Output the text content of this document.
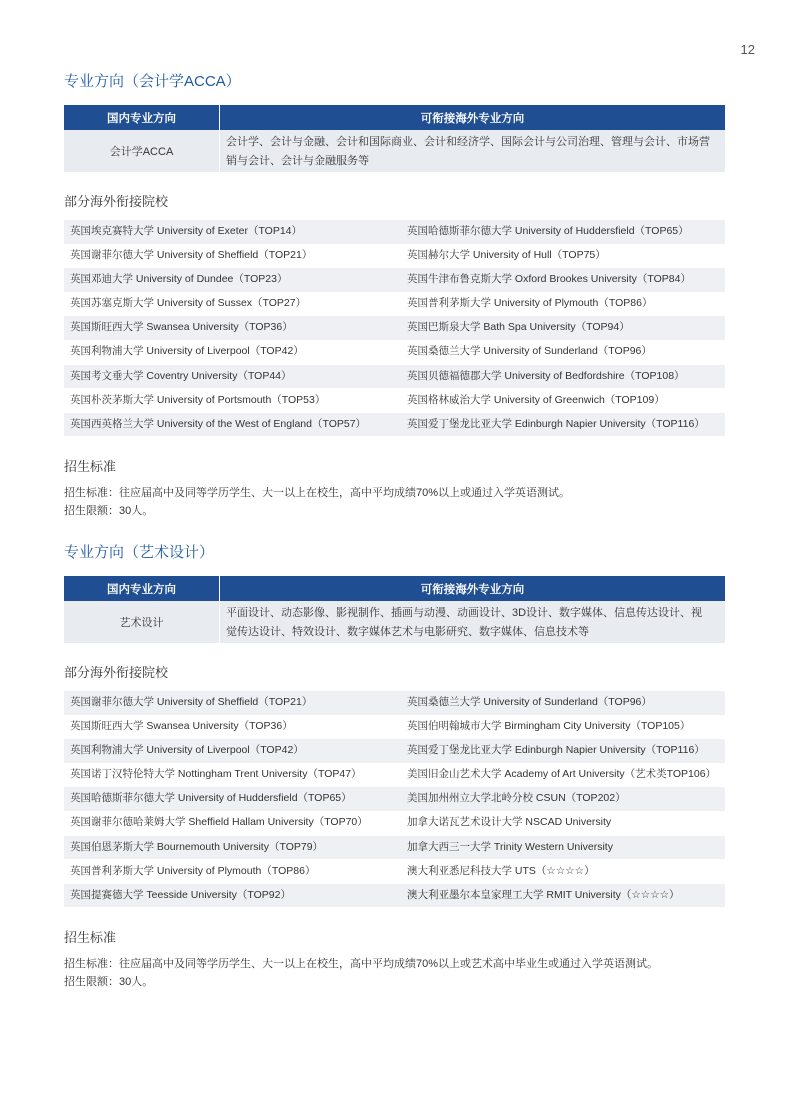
12
专业方向（会计学ACCA）
国内专业方向	可衔接海外专业方向
会计学ACCA	会计学、会计与金融、会计和国际商业、会计和经济学、国际会计与公司治理、管理与会计、市场营
销与会计、会计与金融服务等
部分海外衔接院校
英国埃克赛特大学 University of Exeter（TOP14）	英国哈德斯菲尔德大学 University of Huddersfield（TOP65）
英国谢菲尔德大学 University of Sheffield（TOP21）	英国赫尔大学 University of Hull（TOP75）
英国邓迪大学 University of Dundee（TOP23）	英国牛津布鲁克斯大学 Oxford Brookes University（TOP84）
英国苏塞克斯大学 University of Sussex（TOP27）	英国普利茅斯大学 University of Plymouth（TOP86）
英国斯旺西大学 Swansea University（TOP36）	英国巴斯泉大学 Bath Spa University（TOP94）
英国利物浦大学 University of Liverpool（TOP42）	英国桑德兰大学 University of Sunderland（TOP96）
英国考文垂大学 Coventry University（TOP44）	英国贝德福德郡大学 University of Bedfordshire（TOP108）
英国朴茨茅斯大学 University of Portsmouth（TOP53）	英国格林威治大学 University of Greenwich（TOP109）
英国西英格兰大学 University of the West of England（TOP57）	英国爱丁堡龙比亚大学 Edinburgh Napier University（TOP116）
招生标准
招生标准：往应届高中及同等学历学生、大一以上在校生，高中平均成绩70%以上或通过入学英语测试。
招生限额：30人。
专业方向（艺术设计）
国内专业方向	可衔接海外专业方向
艺术设计	平面设计、动态影像、影视制作、插画与动漫、动画设计、3D设计、数字媒体、信息传达设计、视
觉传达设计、特效设计、数字媒体艺术与电影研究、数字媒体、信息技术等
部分海外衔接院校
英国谢菲尔德大学 University of Sheffield（TOP21）	英国桑德兰大学 University of Sunderland（TOP96）
英国斯旺西大学 Swansea University（TOP36）	英国伯明翰城市大学 Birmingham City University（TOP105）
英国利物浦大学 University of Liverpool（TOP42）	英国爱丁堡龙比亚大学 Edinburgh Napier University（TOP116）
英国诺丁汉特伦特大学 Nottingham Trent University（TOP47）	美国旧金山艺术大学 Academy of Art University（艺术类TOP106）
英国哈德斯菲尔德大学 University of Huddersfield（TOP65）	美国加州州立大学北岭分校 CSUN（TOP202）
英国谢菲尔德哈莱姆大学 Sheffield Hallam University（TOP70）	加拿大诺瓦艺术设计大学 NSCAD University
英国伯恩茅斯大学 Bournemouth University（TOP79）	加拿大西三一大学 Trinity Western University
英国普利茅斯大学 University of Plymouth（TOP86）	澳大利亚悉尼科技大学 UTS（☆☆☆☆）
英国提赛德大学 Teesside University（TOP92）	澳大利亚墨尔本皇家理工大学 RMIT University（☆☆☆☆）
招生标准
招生标准：往应届高中及同等学历学生、大一以上在校生，高中平均成绩70%以上或艺术高中毕业生或通过入学英语测试。
招生限额：30人。
